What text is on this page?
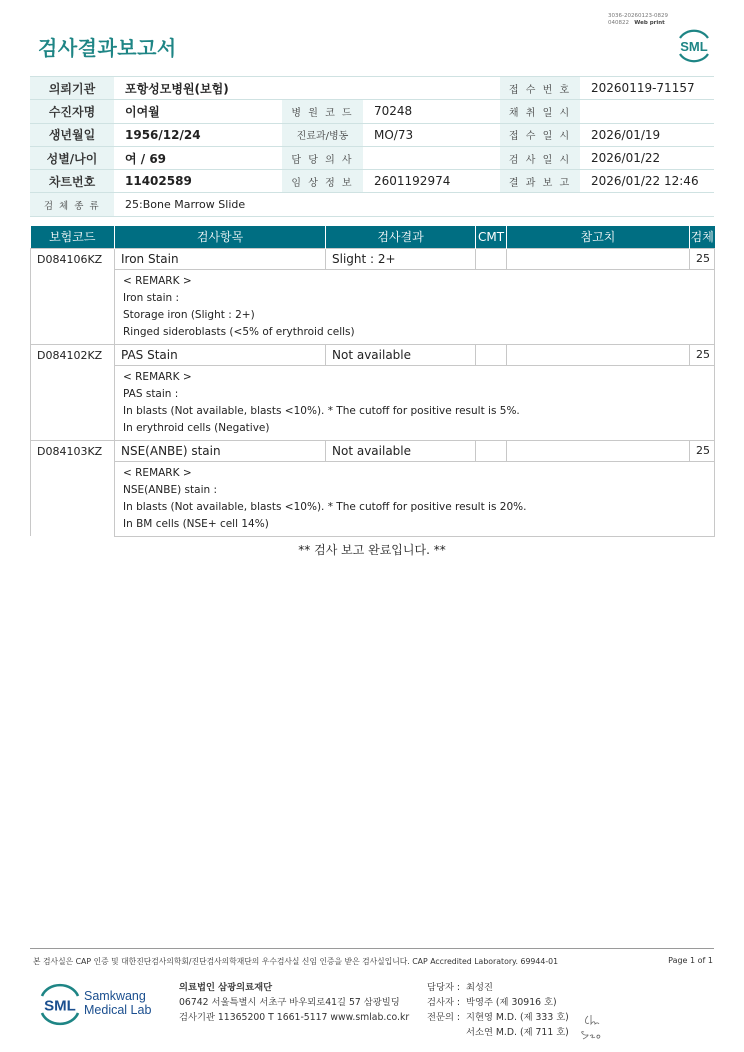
3036-20260123-0829
040822 Web print
검사결과보고서	SML
의뢰기관	포항성모병원(보험)			접 수 번 호	20260119-71157
수진자명	이여월	병 원 코 드	70248	채 취 일 시	
생년월일	1956/12/24	진료과/병동	MO/73	접 수 일 시	2026/01/19
성별/나이	여 / 69	담 당 의 사		검 사 일 시	2026/01/22
차트번호	11402589	임 상 정 보	2601192974	결 과 보 고	2026/01/22 12:46
검 체 종 류	25:Bone Marrow Slide				
보험코드	검사항목	검사결과	CMT	참고치	검체
D084106KZ	Iron Stain	Slight : 2+			25

	< REMARK >
Iron stain :
Storage iron (Slight : 2+)
Ringed sideroblasts (<5% of erythroid cells)				

D084102KZ	PAS Stain	Not available			25

	< REMARK >
PAS stain :
In blasts (Not available, blasts <10%). * The cutoff for positive result is 5%.
In erythroid cells (Negative)				

D084103KZ	NSE(ANBE) stain	Not available			25

	< REMARK >
NSE(ANBE) stain :
In blasts (Not available, blasts <10%). * The cutoff for positive result is 20%.
In BM cells (NSE+ cell 14%)				
** 검사 보고 완료입니다. **
본 검사실은 CAP 인증 및 대한진단검사의학회/진단검사의학재단의 우수검사실 신임 인증을 받은 검사실입니다. CAP Accredited Laboratory. 69944-01	Page 1 of 1
SML
Samkwang
Medical Lab
의료법인 삼광의료재단
06742 서울특별시 서초구 바우뫼로41길 57 삼광빌딩
검사기관 11365200 T 1661-5117 www.smlab.co.kr
담당자 : 최성진
검사자 : 박영주 (제 30916 호)
전문의 : 지현영 M.D. (제 333 호)
서소연 M.D. (제 711 호)
